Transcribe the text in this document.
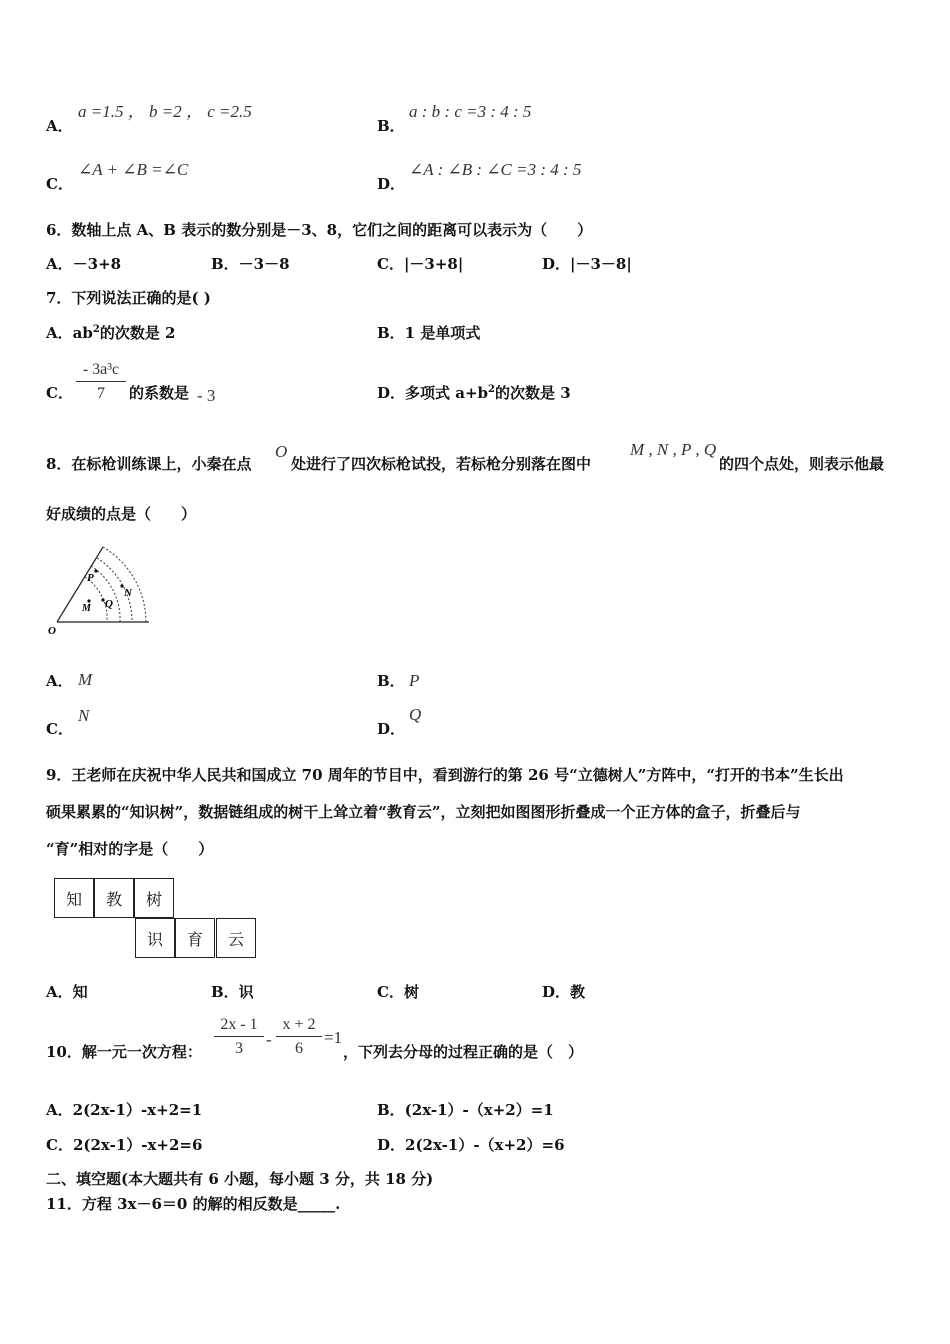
A．
a =1.5 ， b =2 ， c =2.5
B．
a : b : c =3 : 4 : 5
C．
∠A + ∠B =∠C
D．
∠A : ∠B : ∠C =3 : 4 : 5
6．数轴上点 A、B 表示的数分别是－3、8，它们之间的距离可以表示为（　　）
A．－3+8	B．－3－8	C．|－3+8|	D．|－3－8|
7．下列说法正确的是( )
A．$ab^2$的次数是 2	B．1 是单项式
C． $\frac{\text{- 3a³c}}{7}$ 的系数是 - 3	D．多项式 $a+b^2$的次数是 3
8．在标枪训练课上，小秦在点
O
处进行了四次标枪试投，若标枪分别落在图中
M , N , P , Q
的四个点处，则表示他最
好成绩的点是（　　）
O
P
M Q
N
A． M	B． P
C．
N
D．
Q
9．王老师在庆祝中华人民共和国成立 70 周年的节目中，看到游行的第 26 号“立德树人”方阵中，“打开的书本”生长出
硕果累累的“知识树”，数据链组成的树干上耸立着“教育云”，立刻把如图图形折叠成一个正方体的盒子，折叠后与
“育”相对的字是（　　）
知	教	树
识	育	云
A．知	B．识	C．树	D．教
10．解一元一次方程： $\frac{2x - 1}{3} - \frac{x + 2}{6} =1$
，下列去分母的过程正确的是（　）
A．2(2x-1）-x+2=1	B．(2x-1）-（x+2）=1
C．2(2x-1）-x+2=6	D．2(2x-1）-（x+2）=6
二、填空题(本大题共有 6 小题，每小题 3 分，共 18 分)
11．方程 3x－6＝0 的解的相反数是_____.
